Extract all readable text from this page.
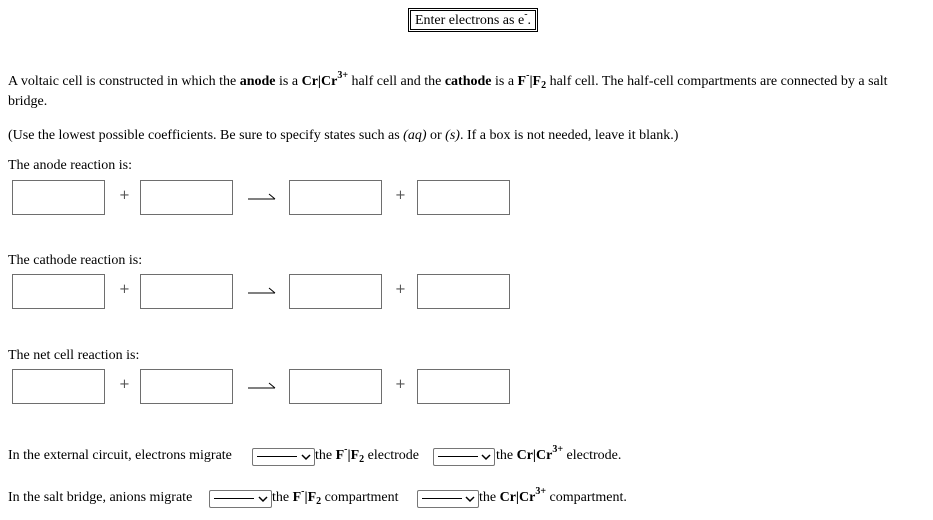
Enter electrons as e-.
A voltaic cell is constructed in which the anode is a $Cr|Cr^{3+}$ half cell and the cathode is a $F^-|F_2$ half cell. The half-cell compartments are connected by a salt bridge.
(Use the lowest possible coefficients. Be sure to specify states such as (aq) or (s). If a box is not needed, leave it blank.)
The anode reaction is:
+	+
The cathode reaction is:
+	+
The net cell reaction is:
+	+
In the external circuit, electrons migrate	the $F^-|F_2$ electrode	the $Cr|Cr^{3+}$ electrode.
In the salt bridge, anions migrate	the $F^-|F_2$ compartment	the $Cr|Cr^{3+}$ compartment.
